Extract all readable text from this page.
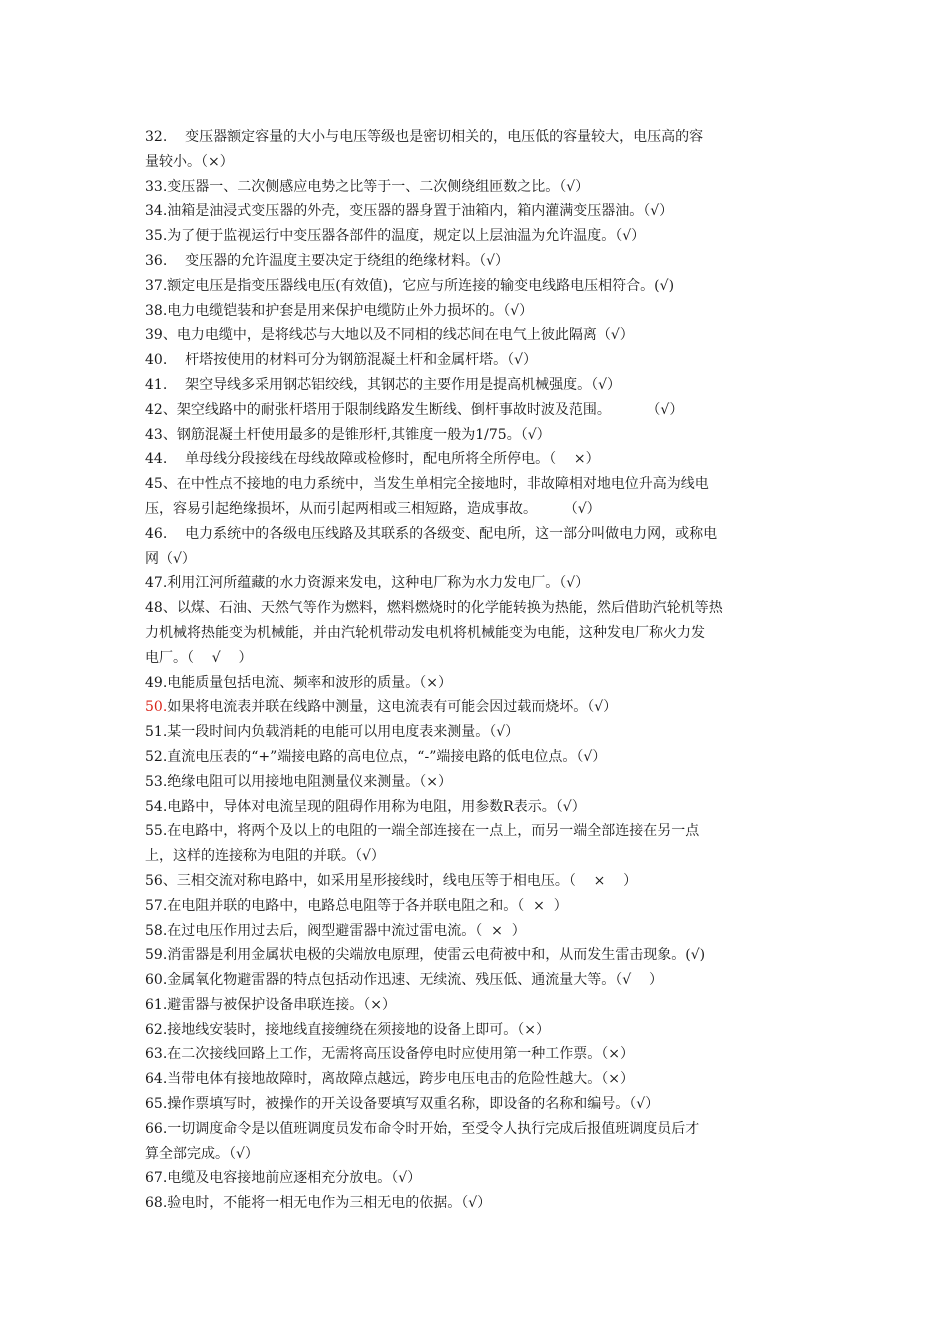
32.    变压器额定容量的大小与电压等级也是密切相关的，电压低的容量较大，电压高的容
量较小。（×）
33.变压器一、二次侧感应电势之比等于一、二次侧绕组匝数之比。（√）
34.油箱是油浸式变压器的外壳，变压器的器身置于油箱内，箱内灌满变压器油。（√）
35.为了便于监视运行中变压器各部件的温度，规定以上层油温为允许温度。（√）
36.    变压器的允许温度主要决定于绕组的绝缘材料。（√）
37.额定电压是指变压器线电压(有效值)，它应与所连接的输变电线路电压相符合。(√)
38.电力电缆铠装和护套是用来保护电缆防止外力损坏的。（√）
39、电力电缆中，是将线芯与大地以及不同相的线芯间在电气上彼此隔离（√）
40.    杆塔按使用的材料可分为钢筋混凝土杆和金属杆塔。（√）
41.    架空导线多采用钢芯铝绞线，其钢芯的主要作用是提高机械强度。（√）
42、架空线路中的耐张杆塔用于限制线路发生断线、倒杆事故时波及范围。        （√）
43、钢筋混凝土杆使用最多的是锥形杆,其锥度一般为1/75。（√）
44.    单母线分段接线在母线故障或检修时，配电所将全所停电。（    ×）
45、在中性点不接地的电力系统中，当发生单相完全接地时，非故障相对地电位升高为线电
压，容易引起绝缘损坏，从而引起两相或三相短路，造成事故。      （√）
46.    电力系统中的各级电压线路及其联系的各级变、配电所，这一部分叫做电力网，或称电
网（√）
47.利用江河所蕴藏的水力资源来发电，这种电厂称为水力发电厂。（√）
48、以煤、石油、天然气等作为燃料，燃料燃烧时的化学能转换为热能，然后借助汽轮机等热
力机械将热能变为机械能，并由汽轮机带动发电机将机械能变为电能，这种发电厂称火力发
电厂。（    √    ）
49.电能质量包括电流、频率和波形的质量。（×）
50.如果将电流表并联在线路中测量，这电流表有可能会因过载而烧坏。（√）
51.某一段时间内负载消耗的电能可以用电度表来测量。（√）
52.直流电压表的“+”端接电路的高电位点，“-”端接电路的低电位点。（√）
53.绝缘电阻可以用接地电阻测量仪来测量。（×）
54.电路中，导体对电流呈现的阻碍作用称为电阻，用参数R表示。（√）
55.在电路中，将两个及以上的电阻的一端全部连接在一点上，而另一端全部连接在另一点
上，这样的连接称为电阻的并联。（√）
56、三相交流对称电路中，如采用星形接线时，线电压等于相电压。（    ×    ）
57.在电阻并联的电路中，电路总电阻等于各并联电阻之和。（  ×  ）
58.在过电压作用过去后，阀型避雷器中流过雷电流。（  ×  ）
59.消雷器是利用金属状电极的尖端放电原理，使雷云电荷被中和，从而发生雷击现象。(√)
60.金属氧化物避雷器的特点包括动作迅速、无续流、残压低、通流量大等。（√    ）
61.避雷器与被保护设备串联连接。（×）
62.接地线安装时，接地线直接缠绕在须接地的设备上即可。（×）
63.在二次接线回路上工作，无需将高压设备停电时应使用第一种工作票。（×）
64.当带电体有接地故障时，离故障点越远，跨步电压电击的危险性越大。（×）
65.操作票填写时，被操作的开关设备要填写双重名称，即设备的名称和编号。（√）
66.一切调度命令是以值班调度员发布命令时开始，至受令人执行完成后报值班调度员后才
算全部完成。（√）
67.电缆及电容接地前应逐相充分放电。（√）
68.验电时，不能将一相无电作为三相无电的依据。（√）
